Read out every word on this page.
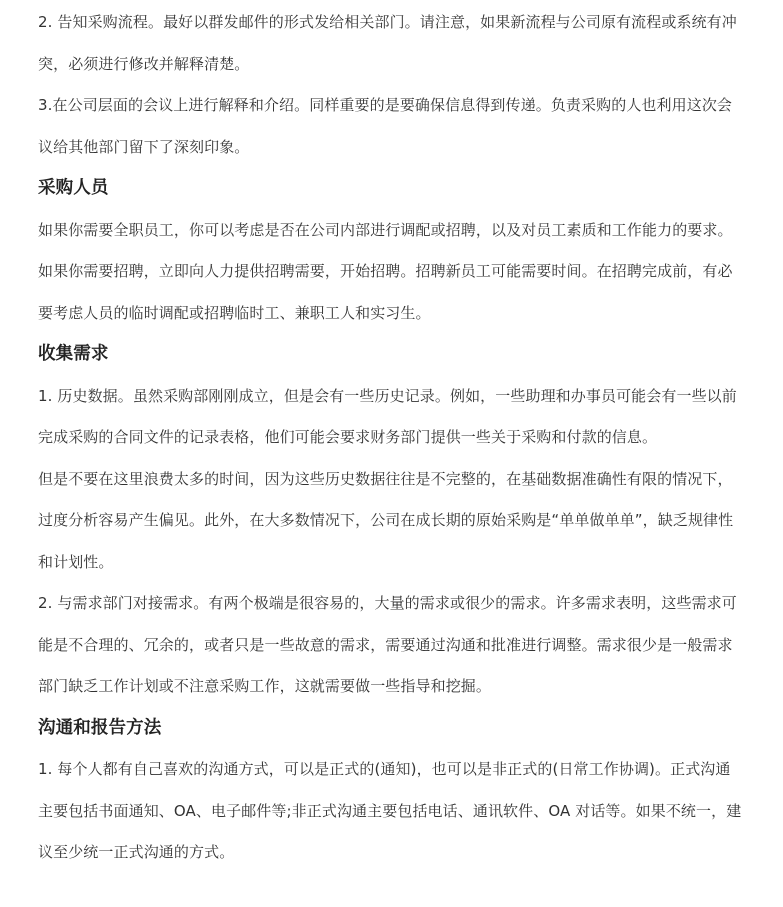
2. 告知采购流程。最好以群发邮件的形式发给相关部门。请注意，如果新流程与公司原有流程或系统有冲突，必须进行修改并解释清楚。

3.在公司层面的会议上进行解释和介绍。同样重要的是要确保信息得到传递。负责采购的人也利用这次会议给其他部门留下了深刻印象。

采购人员

如果你需要全职员工，你可以考虑是否在公司内部进行调配或招聘，以及对员工素质和工作能力的要求。如果你需要招聘，立即向人力提供招聘需要，开始招聘。招聘新员工可能需要时间。在招聘完成前，有必要考虑人员的临时调配或招聘临时工、兼职工人和实习生。

收集需求

1. 历史数据。虽然采购部刚刚成立，但是会有一些历史记录。例如，一些助理和办事员可能会有一些以前完成采购的合同文件的记录表格，他们可能会要求财务部门提供一些关于采购和付款的信息。

但是不要在这里浪费太多的时间，因为这些历史数据往往是不完整的，在基础数据准确性有限的情况下，过度分析容易产生偏见。此外，在大多数情况下，公司在成长期的原始采购是“单单做单单”，缺乏规律性和计划性。

2. 与需求部门对接需求。有两个极端是很容易的，大量的需求或很少的需求。许多需求表明，这些需求可能是不合理的、冗余的，或者只是一些故意的需求，需要通过沟通和批准进行调整。需求很少是一般需求部门缺乏工作计划或不注意采购工作，这就需要做一些指导和挖掘。

沟通和报告方法

1. 每个人都有自己喜欢的沟通方式，可以是正式的(通知)，也可以是非正式的(日常工作协调)。正式沟通主要包括书面通知、OA、电子邮件等;非正式沟通主要包括电话、通讯软件、OA 对话等。如果不统一，建议至少统一正式沟通的方式。
